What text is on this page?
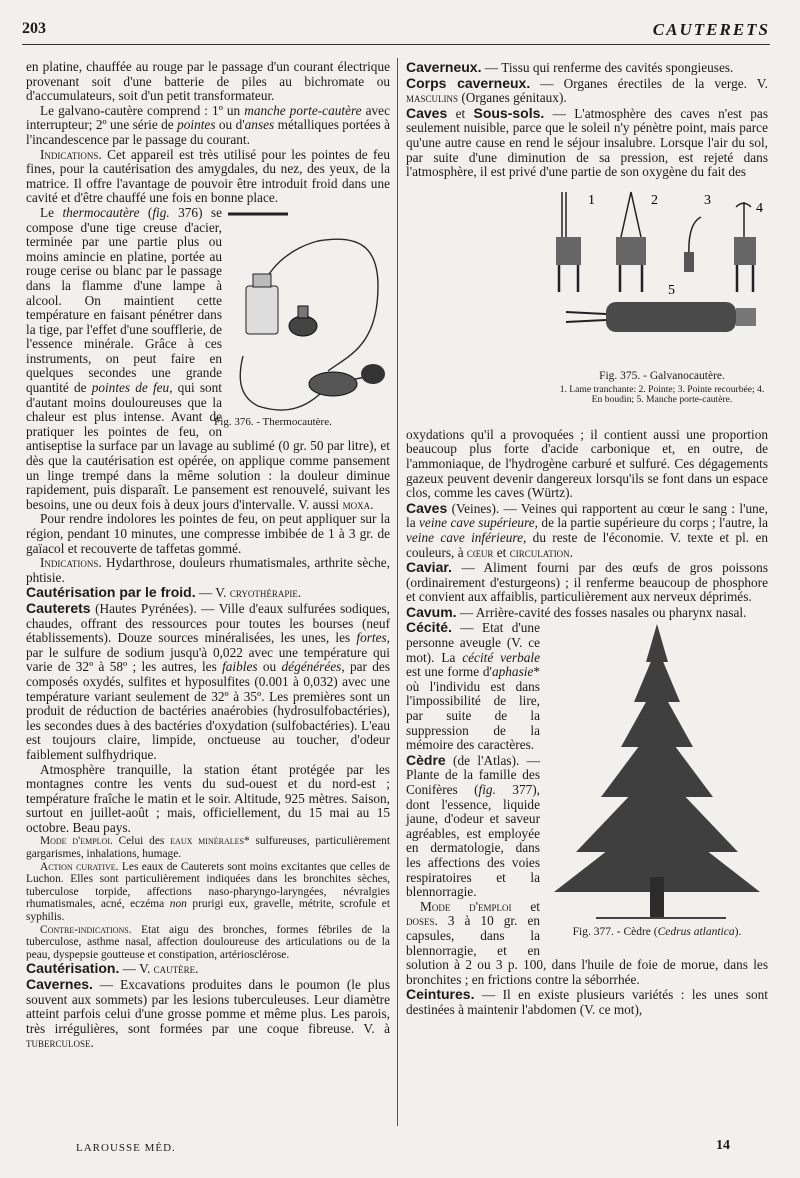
203	CAUTERETS

en platine, chauffée au rouge par le passage d'un courant électrique provenant soit d'une batterie de piles au bichromate ou d'accumulateurs, soit d'un petit transformateur.

Le galvano-cautère comprend : 1º un manche porte-cautère avec interrupteur; 2º une série de pointes ou d'anses métalliques portées à l'incandescence par le passage du courant.

Indications. Cet appareil est très utilisé pour les pointes de feu fines, pour la cautérisation des amygdales, du nez, des yeux, de la matrice. Il offre l'avantage de pouvoir être introduit froid dans une cavité et d'être chauffé une fois en bonne place.

Fig. 376. - Thermocautère.

Le thermocautère (fig. 376) se compose d'une tige creuse d'acier, terminée par une partie plus ou moins amincie en platine, portée au rouge cerise ou blanc par le passage dans la flamme d'une lampe à alcool. On maintient cette température en faisant pénétrer dans la tige, par l'effet d'une soufflerie, de l'essence minérale. Grâce à ces instruments, on peut faire en quelques secondes une grande quantité de pointes de feu, qui sont d'autant moins douloureuses que la chaleur est plus intense. Avant de pratiquer les pointes de feu, on antiseptise la surface par un lavage au sublimé (0 gr. 50 par litre), et dès que la cautérisation est opérée, on applique comme pansement un linge trempé dans la même solution : la douleur diminue rapidement, puis disparaît. Le pansement est renouvelé, suivant les besoins, une ou deux fois à deux jours d'intervalle. V. aussi moxa.

Pour rendre indolores les pointes de feu, on peut appliquer sur la région, pendant 10 minutes, une compresse imbibée de 1 à 3 gr. de gaïacol et recouverte de taffetas gommé.

Indications. Hydarthrose, douleurs rhumatismales, arthrite sèche, phtisie.

Cautérisation par le froid. — V. cryothérapie.

Cauterets (Hautes Pyrénées). — Ville d'eaux sulfurées sodiques, chaudes, offrant des ressources pour toutes les bourses (neuf établissements). Douze sources minéralisées, les unes, les fortes, par le sulfure de sodium jusqu'à 0,022 avec une température qui varie de 32º à 58º ; les autres, les faibles ou dégénérées, par des composés oxydés, sulfites et hyposulfites (0.001 à 0,032) avec une température variant seulement de 32º à 35º. Les premières sont un produit de réduction de bactéries anaérobies (hydrosulfobactéries), les secondes dues à des bactéries d'oxydation (sulfobactéries). L'eau est toujours claire, limpide, onctueuse au toucher, d'odeur faiblement sulfhydrique.

Atmosphère tranquille, la station étant protégée par les montagnes contre les vents du sud-ouest et du nord-est ; température fraîche le matin et le soir. Altitude, 925 mètres. Saison, surtout en juillet-août ; mais, officiellement, du 15 mai au 15 octobre. Beau pays.

Mode d'emploi. Celui des eaux minérales* sulfureuses, particulièrement gargarismes, inhalations, humage.

Action curative. Les eaux de Cauterets sont moins excitantes que celles de Luchon. Elles sont particulièrement indiquées dans les bronchites sèches, tuberculose torpide, affections naso-pharyngo-laryngées, névralgies rhumatismales, acné, eczéma non prurigi eux, gravelle, métrite, scrofule et syphilis.

Contre-indications. Etat aigu des bronches, formes fébriles de la tuberculose, asthme nasal, affection douloureuse des articulations ou de la peau, dyspepsie goutteuse et constipation, artériosclérose.

Cautérisation. — V. cautère.

Cavernes. — Excavations produites dans le poumon (le plus souvent aux sommets) par les lesions tuberculeuses. Leur diamètre atteint parfois celui d'une grosse pomme et même plus. Les parois, très irrégulières, sont formées par une coque fibreuse. V. à tuberculose.

Caverneux. — Tissu qui renferme des cavités spongieuses.

Corps caverneux. — Organes érectiles de la verge. V. masculins (Organes génitaux).

Caves et Sous-sols. — L'atmosphère des caves n'est pas seulement nuisible, parce que le soleil n'y pénètre point, mais parce qu'une autre cause en rend le séjour insalubre. Lorsque l'air du sol, par suite d'une diminution de sa pression, est rejeté dans l'atmosphère, il est privé d'une partie de son oxygène du fait des

1	2	3
4
5
Fig. 375. - Galvanocautère.
1. Lame tranchante: 2. Pointe; 3. Pointe recourbée; 4. En boudin; 5. Manche porte-cautère.

oxydations qu'il a provoquées ; il contient aussi une proportion beaucoup plus forte d'acide carbonique et, en outre, de l'ammoniaque, de l'hydrogène carburé et sulfuré. Ces dégagements gazeux peuvent devenir dangereux lorsqu'ils se font dans un espace clos, comme les caves (Würtz).

Caves (Veines). — Veines qui rapportent au cœur le sang : l'une, la veine cave supérieure, de la partie supérieure du corps ; l'autre, la veine cave inférieure, du reste de l'économie. V. texte et pl. en couleurs, à cœur et circulation.

Caviar. — Aliment fourni par des œufs de gros poissons (ordinairement d'esturgeons) ; il renferme beaucoup de phosphore et convient aux affaiblis, particulièrement aux nerveux déprimés.

Cavum. — Arrière-cavité des fosses nasales ou pharynx nasal.

Fig. 377. - Cèdre (Cedrus atlantica).

Cécité. — Etat d'une personne aveugle (V. ce mot). La cécité verbale est une forme d'aphasie* où l'individu est dans l'impossibilité de lire, par suite de la suppression de la mémoire des caractères.

Cèdre (de l'Atlas). — Plante de la famille des Conifères (fig. 377), dont l'essence, liquide jaune, d'odeur et saveur agréables, est employée en dermatologie, dans les affections des voies respiratoires et la blennorragie.

Mode d'emploi et doses. 3 à 10 gr. en capsules, dans la blennorragie, et en solution à 2 ou 3 p. 100, dans l'huile de foie de morue, dans les bronchites ; en frictions contre la séborrhée.

Ceintures. — Il en existe plusieurs variétés : les unes sont destinées à maintenir l'abdomen (V. ce mot),

LAROUSSE MÉD.	14
